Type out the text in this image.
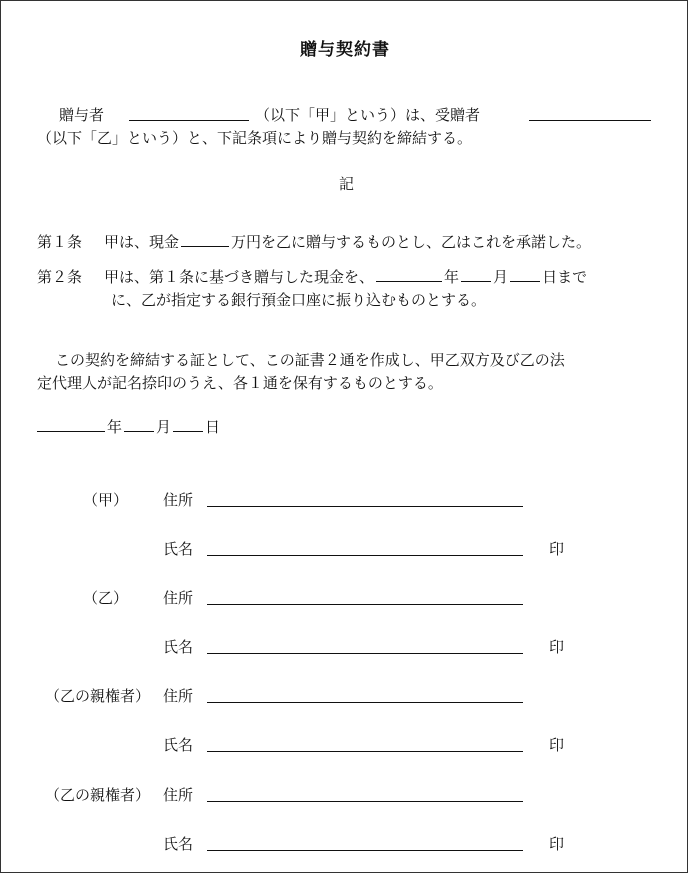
贈与契約書
贈与者	（以下「甲」という）は、受贈者
（以下「乙」という）と、下記条項により贈与契約を締結する。
記
第１条 甲は、現金	万円を乙に贈与するものとし、乙はこれを承諾した。
第２条 甲は、第１条に基づき贈与した現金を、	年 月 日まで
に、乙が指定する銀行預金口座に振り込むものとする。
この契約を締結する証として、この証書２通を作成し、甲乙双方及び乙の法
定代理人が記名捺印のうえ、各１通を保有するものとする。
年 月 日
（甲） 住所
氏名	印
（乙） 住所
氏名	印
（乙の親権者） 住所
氏名	印
（乙の親権者） 住所
氏名	印
